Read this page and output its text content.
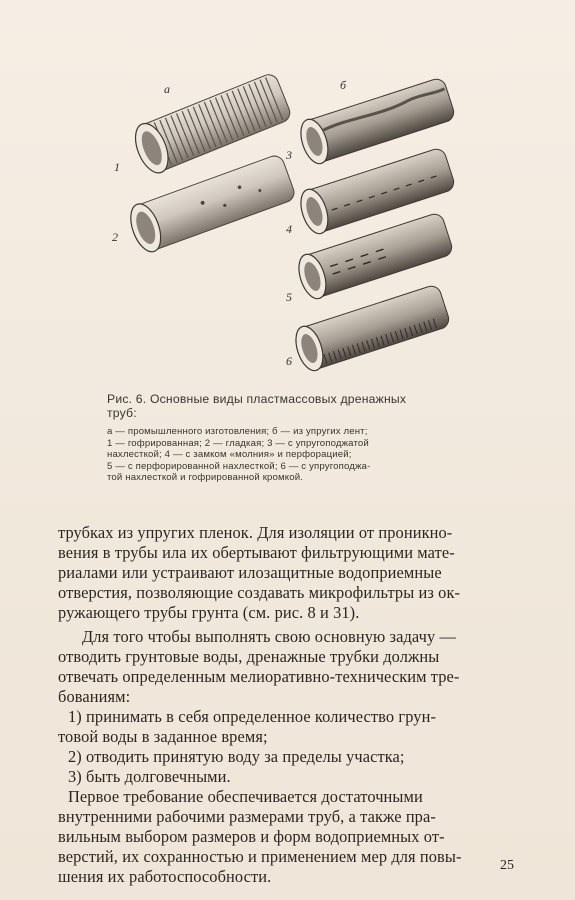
а	б
1
2
3
4
5
6
Рис. 6. Основные виды пластмассовых дренажных
труб:
а — промышленного изготовления; б — из упругих лент;
1 — гофрированная; 2 — гладкая; 3 — с упругоподжатой
нахлесткой; 4 — с замком «молния» и перфорацией;
5 — с перфорированной нахлесткой; 6 — с упругоподжа-
той нахлесткой и гофрированной кромкой.
трубках из упругих пленок. Для изоляции от проникно-
вения в трубы ила их обертывают фильтрующими мате-
риалами или устраивают илозащитные водоприемные
отверстия, позволяющие создавать микрофильтры из ок-
ружающего трубы грунта (см. рис. 8 и 31).
Для того чтобы выполнять свою основную задачу —
отводить грунтовые воды, дренажные трубки должны
отвечать определенным мелиоративно-техническим тре-
бованиям:
1) принимать в себя определенное количество грун-
товой воды в заданное время;
2) отводить принятую воду за пределы участка;
3) быть долговечными.
Первое требование обеспечивается достаточными
внутренними рабочими размерами труб, а также пра-
вильным выбором размеров и форм водоприемных от-
верстий, их сохранностью и применением мер для повы-
шения их работоспособности.
25
